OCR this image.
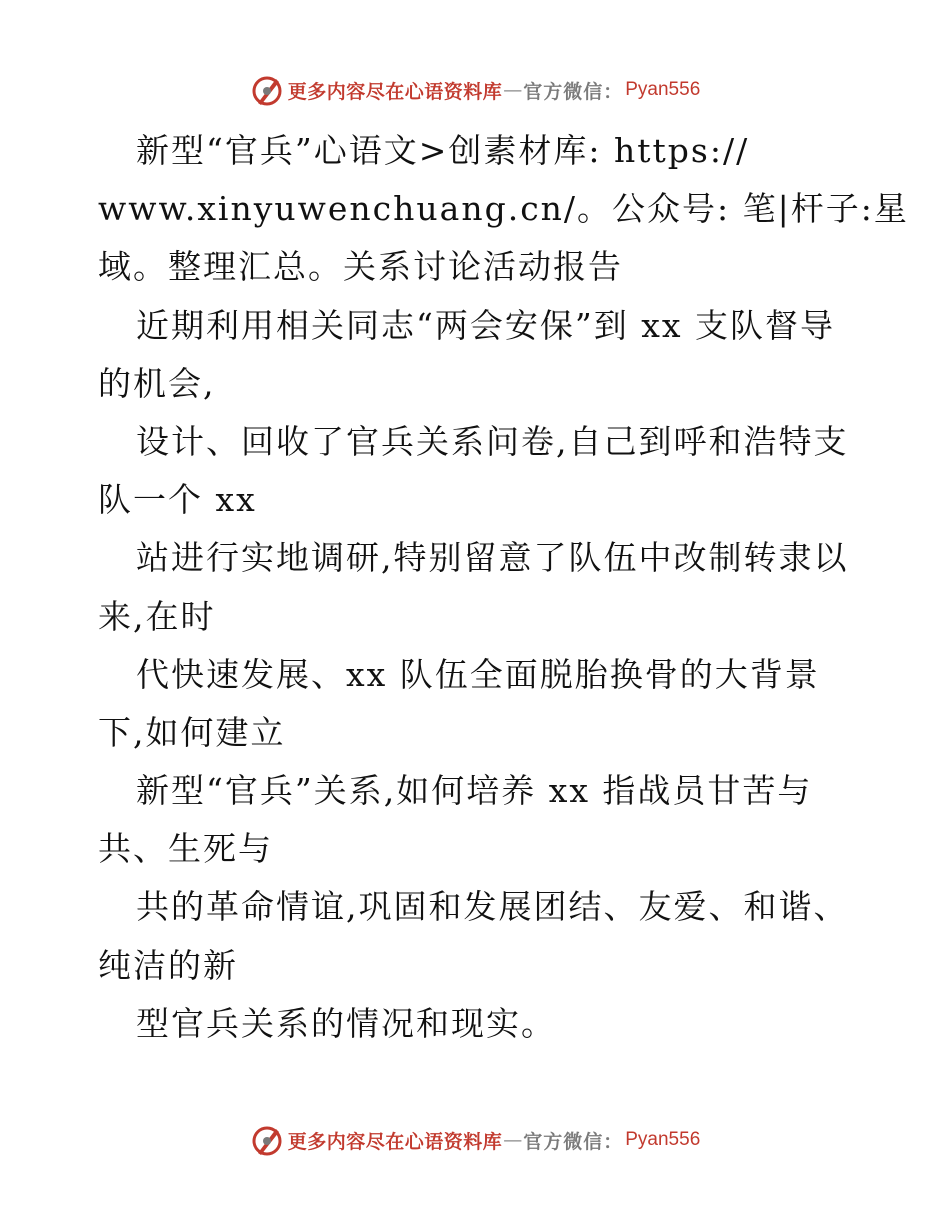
更多内容尽在心语资料库 — 官方微信： Pyan556
新型“官兵”心语文>创素材库: https://
www.xinyuwenchuang.cn/。公众号: 笔|杆子:星
域。整理汇总。关系讨论活动报告
近期利用相关同志“两会安保”到 xx 支队督导
的机会,
设计、回收了官兵关系问卷,自己到呼和浩特支
队一个 xx
站进行实地调研,特别留意了队伍中改制转隶以
来,在时
代快速发展、xx 队伍全面脱胎换骨的大背景
下,如何建立
新型“官兵”关系,如何培养 xx 指战员甘苦与
共、生死与
共的革命情谊,巩固和发展团结、友爱、和谐、
纯洁的新
型官兵关系的情况和现实。
更多内容尽在心语资料库 — 官方微信： Pyan556
